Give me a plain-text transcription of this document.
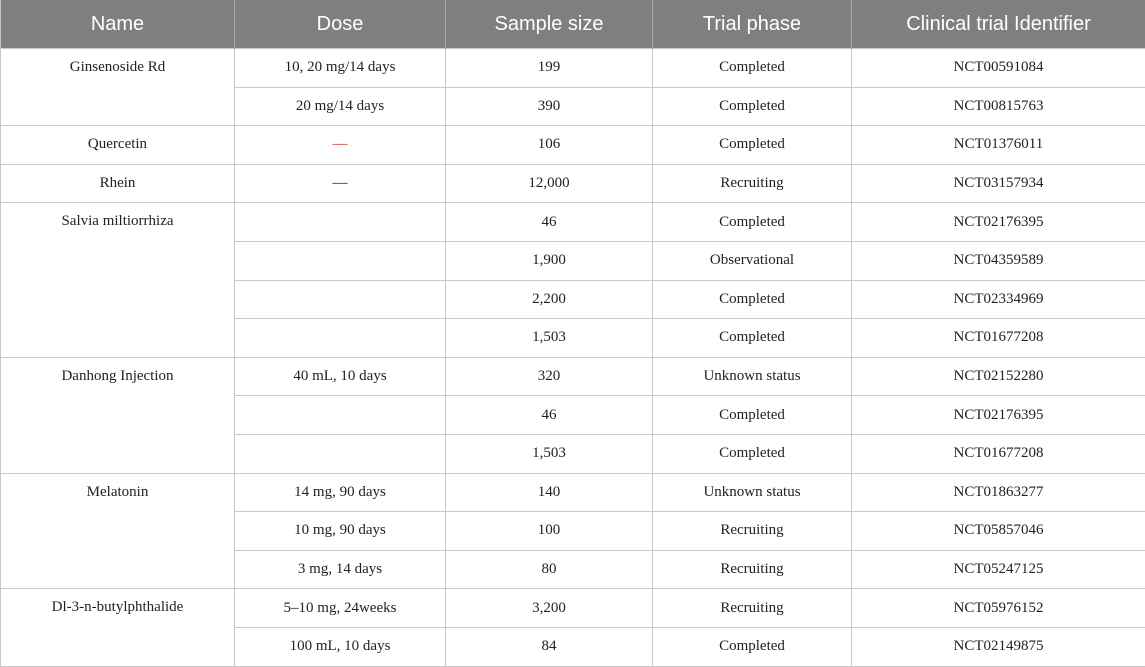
Name	Dose	Sample size	Trial phase	Clinical trial Identifier
Ginsenoside Rd	10, 20 mg/14 days	199	Completed	NCT00591084
	20 mg/14 days	390	Completed	NCT00815763
Quercetin	—	106	Completed	NCT01376011
Rhein	—	12,000	Recruiting	NCT03157934
Salvia miltiorrhiza		46	Completed	NCT02176395
		1,900	Observational	NCT04359589
		2,200	Completed	NCT02334969
		1,503	Completed	NCT01677208
Danhong Injection	40 mL, 10 days	320	Unknown status	NCT02152280
		46	Completed	NCT02176395
		1,503	Completed	NCT01677208
Melatonin	14 mg, 90 days	140	Unknown status	NCT01863277
	10 mg, 90 days	100	Recruiting	NCT05857046
	3 mg, 14 days	80	Recruiting	NCT05247125
Dl-3-n-butylphthalide	5–10 mg, 24weeks	3,200	Recruiting	NCT05976152
	100 mL, 10 days	84	Completed	NCT02149875
